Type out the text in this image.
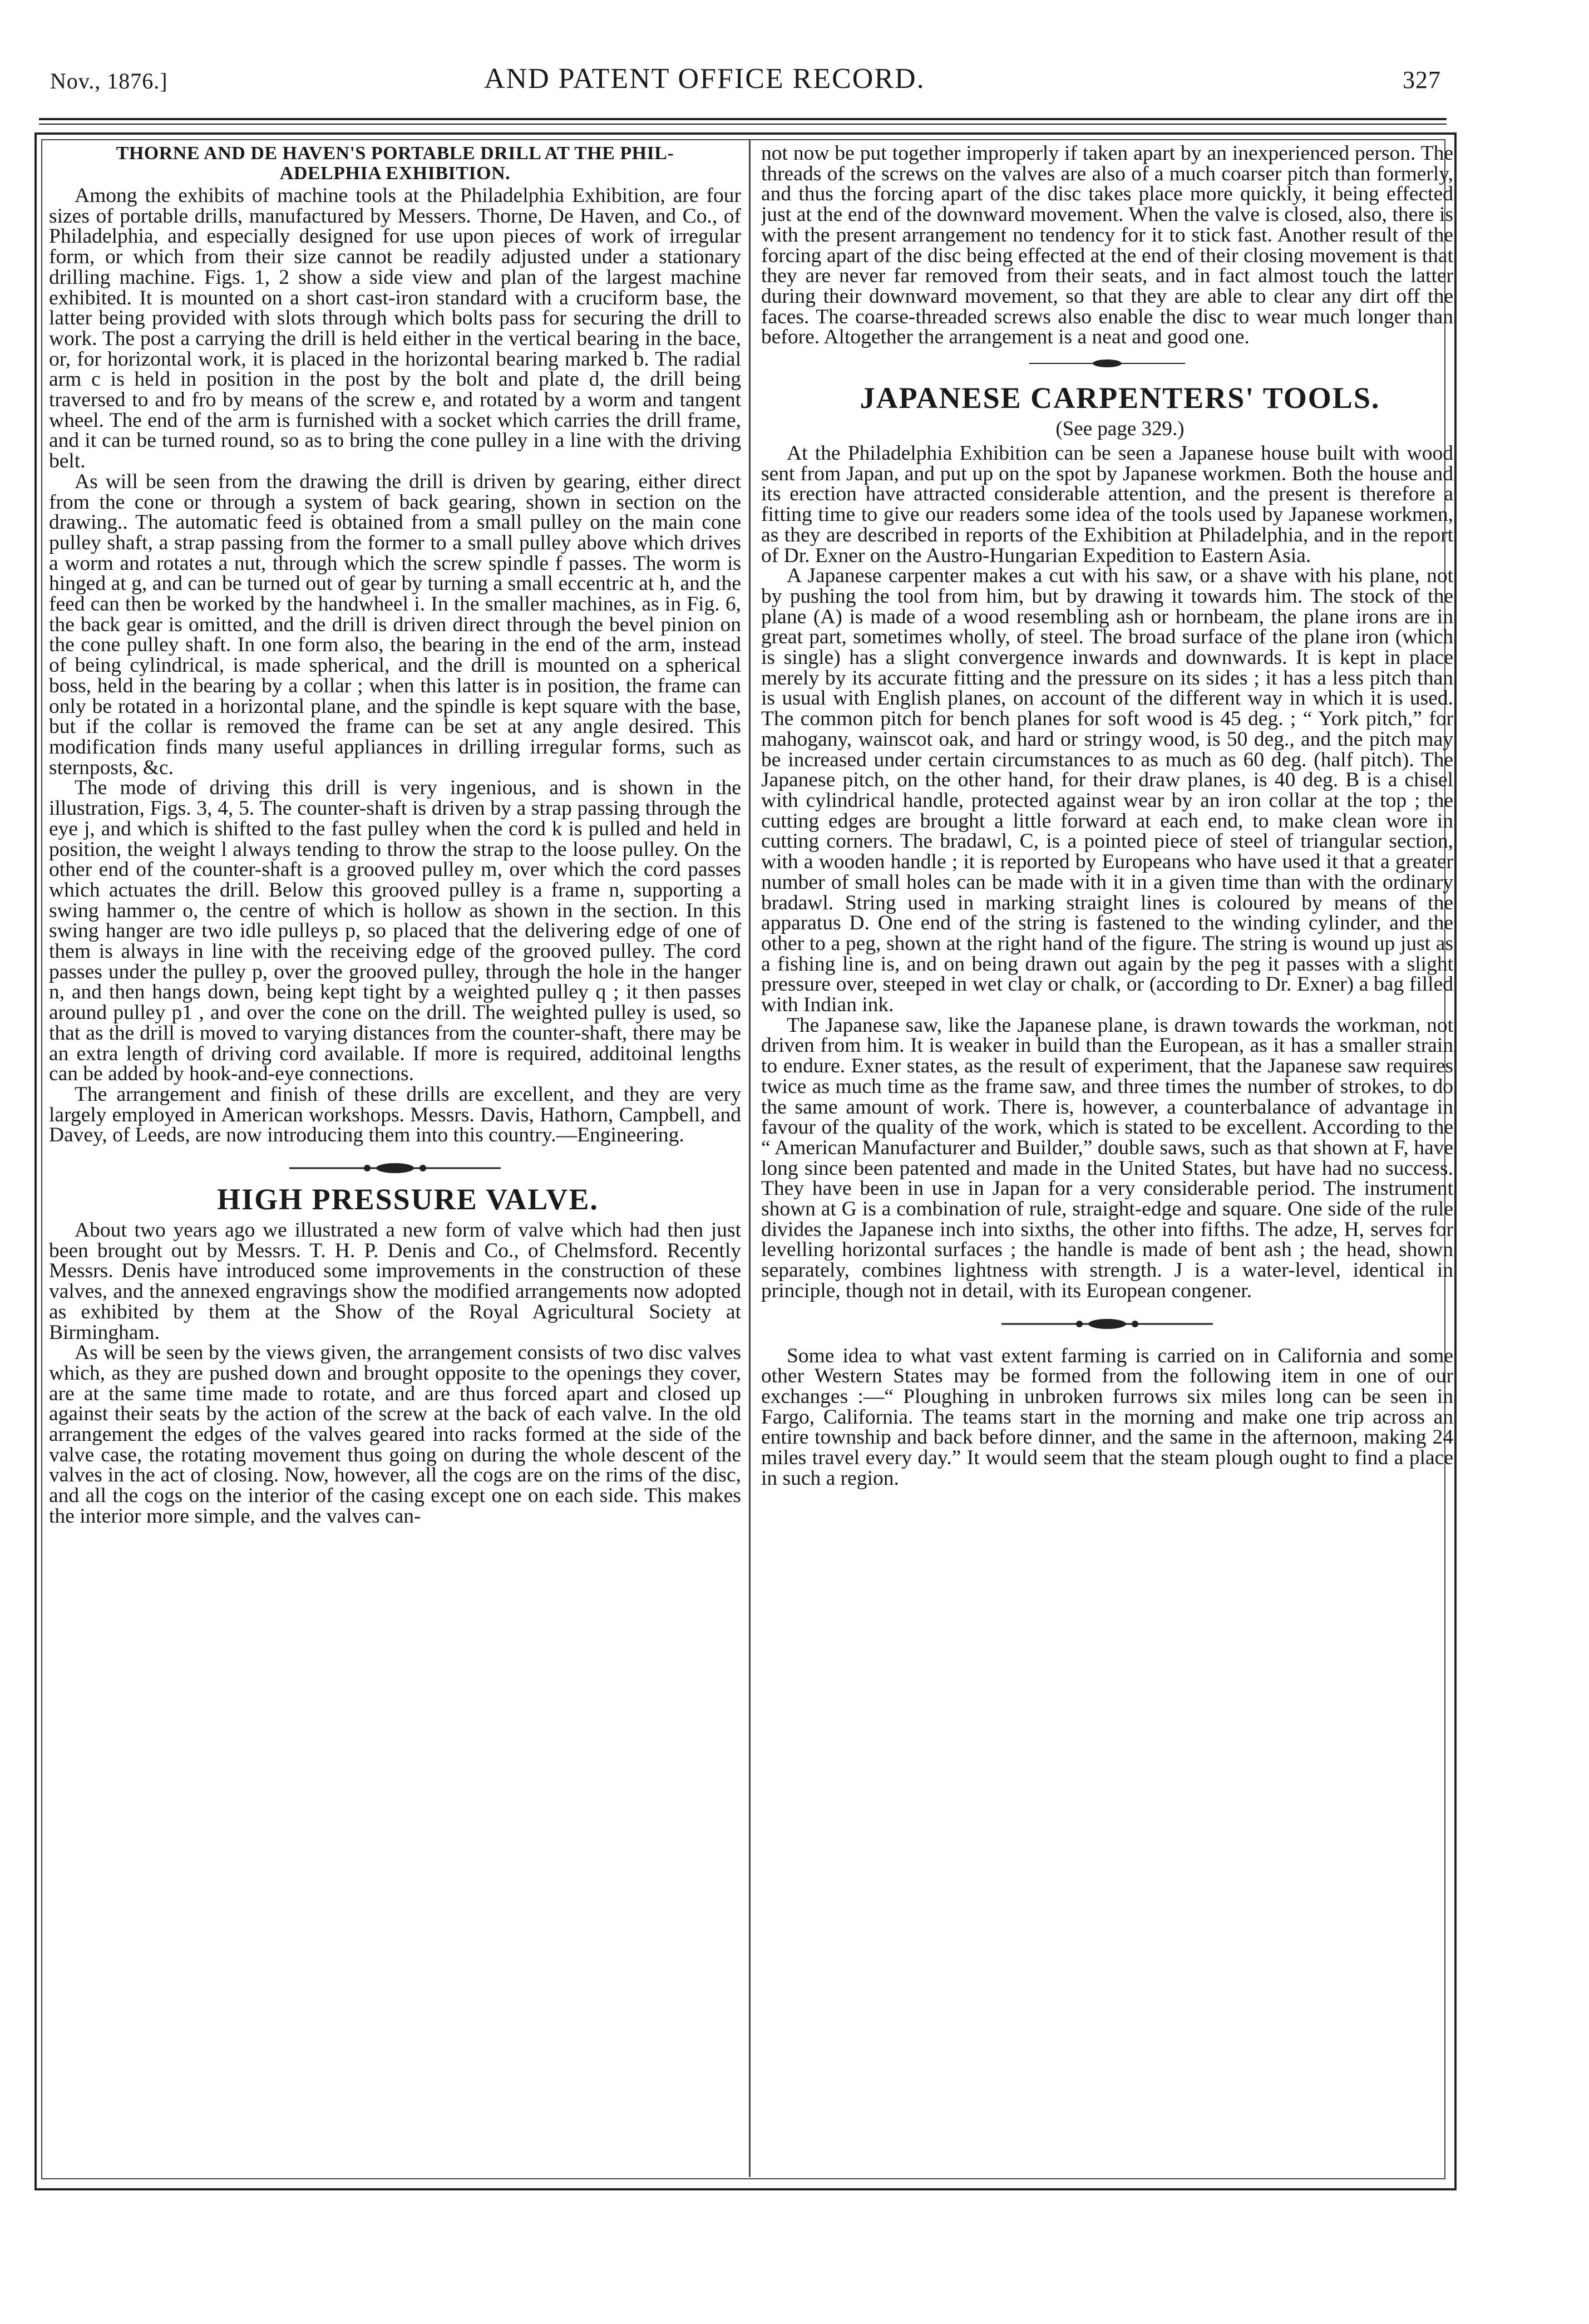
Nov., 1876.]	AND PATENT OFFICE RECORD.	327

THORNE AND DE HAVEN'S PORTABLE DRILL AT THE PHIL-

ADELPHIA EXHIBITION.

Among the exhibits of machine tools at the Philadelphia Exhibition, are four sizes of portable drills, manufactured by Messers. Thorne, De Haven, and Co., of Philadelphia, and especially designed for use upon pieces of work of irregular form, or which from their size cannot be readily adjusted under a stationary drilling machine. Figs. 1, 2 show a side view and plan of the largest machine exhibited. It is mounted on a short cast-iron standard with a cruciform base, the latter being provided with slots through which bolts pass for securing the drill to work. The post a carrying the drill is held either in the vertical bearing in the bace, or, for horizontal work, it is placed in the horizontal bearing marked b. The radial arm c is held in position in the post by the bolt and plate d, the drill being traversed to and fro by means of the screw e, and rotated by a worm and tangent wheel. The end of the arm is furnished with a socket which carries the drill frame, and it can be turned round, so as to bring the cone pulley in a line with the driving belt.

As will be seen from the drawing the drill is driven by gearing, either direct from the cone or through a system of back gearing, shown in section on the drawing.. The automatic feed is obtained from a small pulley on the main cone pulley shaft, a strap passing from the former to a small pulley above which drives a worm and rotates a nut, through which the screw spindle f passes. The worm is hinged at g, and can be turned out of gear by turning a small eccentric at h, and the feed can then be worked by the handwheel i. In the smaller machines, as in Fig. 6, the back gear is omitted, and the drill is driven direct through the bevel pinion on the cone pulley shaft. In one form also, the bearing in the end of the arm, instead of being cylindrical, is made spherical, and the drill is mounted on a spherical boss, held in the bearing by a collar ; when this latter is in position, the frame can only be rotated in a horizontal plane, and the spindle is kept square with the base, but if the collar is removed the frame can be set at any angle desired. This modification finds many useful appliances in drilling irregular forms, such as sternposts, &c.

The mode of driving this drill is very ingenious, and is shown in the illustration, Figs. 3, 4, 5. The counter-shaft is driven by a strap passing through the eye j, and which is shifted to the fast pulley when the cord k is pulled and held in position, the weight l always tending to throw the strap to the loose pulley. On the other end of the counter-shaft is a grooved pulley m, over which the cord passes which actuates the drill. Below this grooved pulley is a frame n, supporting a swing hammer o, the centre of which is hollow as shown in the section. In this swing hanger are two idle pulleys p, so placed that the delivering edge of one of them is always in line with the receiving edge of the grooved pulley. The cord passes under the pulley p, over the grooved pulley, through the hole in the hanger n, and then hangs down, being kept tight by a weighted pulley q ; it then passes around pulley p1 , and over the cone on the drill. The weighted pulley is used, so that as the drill is moved to varying distances from the counter-shaft, there may be an extra length of driving cord available. If more is required, additoinal lengths can be added by hook-and-eye connections.

The arrangement and finish of these drills are excellent, and they are very largely employed in American workshops. Messrs. Davis, Hathorn, Campbell, and Davey, of Leeds, are now introducing them into this country.—Engineering.

HIGH PRESSURE VALVE.

About two years ago we illustrated a new form of valve which had then just been brought out by Messrs. T. H. P. Denis and Co., of Chelmsford. Recently Messrs. Denis have introduced some improvements in the construction of these valves, and the annexed engravings show the modified arrangements now adopted as exhibited by them at the Show of the Royal Agricultural Society at Birmingham.

As will be seen by the views given, the arrangement consists of two disc valves which, as they are pushed down and brought opposite to the openings they cover, are at the same time made to rotate, and are thus forced apart and closed up against their seats by the action of the screw at the back of each valve. In the old arrangement the edges of the valves geared into racks formed at the side of the valve case, the rotating movement thus going on during the whole descent of the valves in the act of closing. Now, however, all the cogs are on the rims of the disc, and all the cogs on the interior of the casing except one on each side. This makes the interior more simple, and the valves can-

not now be put together improperly if taken apart by an inexperienced person. The threads of the screws on the valves are also of a much coarser pitch than formerly, and thus the forcing apart of the disc takes place more quickly, it being effected just at the end of the downward movement. When the valve is closed, also, there is with the present arrangement no tendency for it to stick fast. Another result of the forcing apart of the disc being effected at the end of their closing movement is that they are never far removed from their seats, and in fact almost touch the latter during their downward movement, so that they are able to clear any dirt off the faces. The coarse-threaded screws also enable the disc to wear much longer than before. Altogether the arrangement is a neat and good one.

JAPANESE CARPENTERS' TOOLS.

(See page 329.)

At the Philadelphia Exhibition can be seen a Japanese house built with wood sent from Japan, and put up on the spot by Japanese workmen. Both the house and its erection have attracted considerable attention, and the present is therefore a fitting time to give our readers some idea of the tools used by Japanese workmen, as they are described in reports of the Exhibition at Philadelphia, and in the report of Dr. Exner on the Austro-Hungarian Expedition to Eastern Asia.

A Japanese carpenter makes a cut with his saw, or a shave with his plane, not by pushing the tool from him, but by drawing it towards him. The stock of the plane (A) is made of a wood resembling ash or hornbeam, the plane irons are in great part, sometimes wholly, of steel. The broad surface of the plane iron (which is single) has a slight convergence inwards and downwards. It is kept in place merely by its accurate fitting and the pressure on its sides ; it has a less pitch than is usual with English planes, on account of the different way in which it is used. The common pitch for bench planes for soft wood is 45 deg. ; “ York pitch,” for mahogany, wainscot oak, and hard or stringy wood, is 50 deg., and the pitch may be increased under certain circumstances to as much as 60 deg. (half pitch). The Japanese pitch, on the other hand, for their draw planes, is 40 deg. B is a chisel with cylindrical handle, protected against wear by an iron collar at the top ; the cutting edges are brought a little forward at each end, to make clean wore in cutting corners. The bradawl, C, is a pointed piece of steel of triangular section, with a wooden handle ; it is reported by Europeans who have used it that a greater number of small holes can be made with it in a given time than with the ordinary bradawl. String used in marking straight lines is coloured by means of the apparatus D. One end of the string is fastened to the winding cylinder, and the other to a peg, shown at the right hand of the figure. The string is wound up just as a fishing line is, and on being drawn out again by the peg it passes with a slight pressure over, steeped in wet clay or chalk, or (according to Dr. Exner) a bag filled with Indian ink.

The Japanese saw, like the Japanese plane, is drawn towards the workman, not driven from him. It is weaker in build than the European, as it has a smaller strain to endure. Exner states, as the result of experiment, that the Japanese saw requires twice as much time as the frame saw, and three times the number of strokes, to do the same amount of work. There is, however, a counterbalance of advantage in favour of the quality of the work, which is stated to be excellent. According to the “ American Manufacturer and Builder,” double saws, such as that shown at F, have long since been patented and made in the United States, but have had no success. They have been in use in Japan for a very considerable period. The instrument shown at G is a combination of rule, straight-edge and square. One side of the rule divides the Japanese inch into sixths, the other into fifths. The adze, H, serves for levelling horizontal surfaces ; the handle is made of bent ash ; the head, shown separately, combines lightness with strength. J is a water-level, identical in principle, though not in detail, with its European congener.

Some idea to what vast extent farming is carried on in California and some other Western States may be formed from the following item in one of our exchanges :—“ Ploughing in unbroken furrows six miles long can be seen in Fargo, California. The teams start in the morning and make one trip across an entire township and back before dinner, and the same in the afternoon, making 24 miles travel every day.” It would seem that the steam plough ought to find a place in such a region.
